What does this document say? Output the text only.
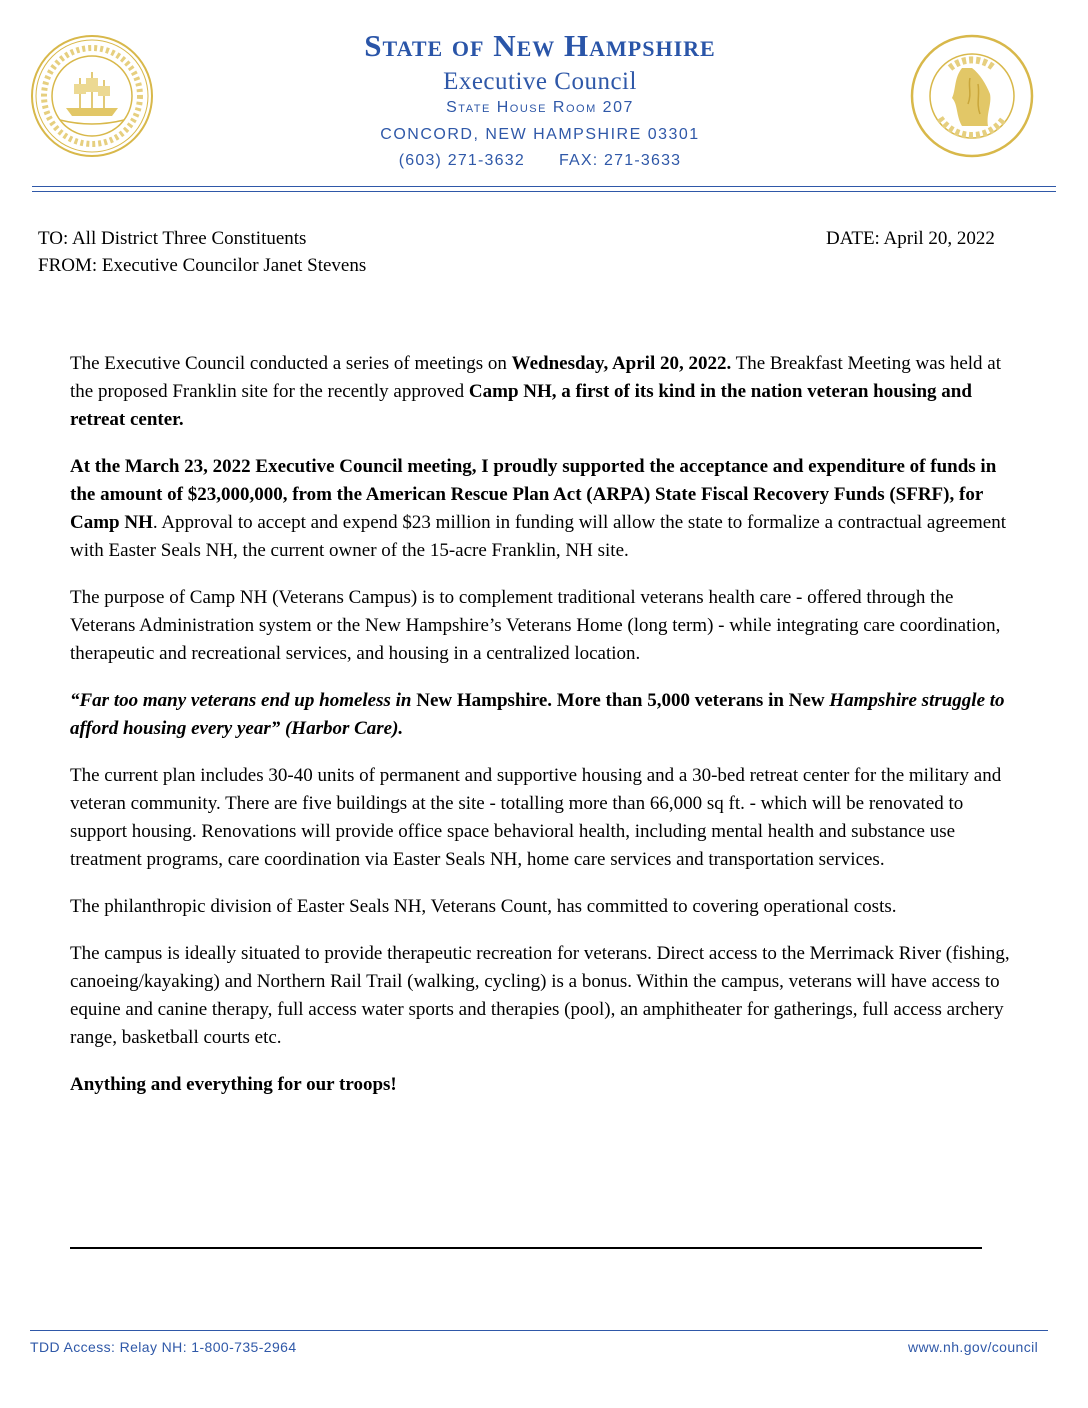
State of New Hampshire
Executive Council
State House Room 207
CONCORD, NEW HAMPSHIRE 03301
(603) 271-3632 FAX: 271-3633
TO: All District Three Constituents
FROM: Executive Councilor Janet Stevens
DATE: April 20, 2022

The Executive Council conducted a series of meetings on Wednesday, April 20, 2022. The Breakfast Meeting was held at the proposed Franklin site for the recently approved Camp NH, a first of its kind in the nation veteran housing and retreat center.

At the March 23, 2022 Executive Council meeting, I proudly supported the acceptance and expenditure of funds in the amount of $23,000,000, from the American Rescue Plan Act (ARPA) State Fiscal Recovery Funds (SFRF), for Camp NH. Approval to accept and expend $23 million in funding will allow the state to formalize a contractual agreement with Easter Seals NH, the current owner of the 15-acre Franklin, NH site.

The purpose of Camp NH (Veterans Campus) is to complement traditional veterans health care - offered through the Veterans Administration system or the New Hampshire’s Veterans Home (long term) - while integrating care coordination, therapeutic and recreational services, and housing in a centralized location.

“Far too many veterans end up homeless in New Hampshire. More than 5,000 veterans in New Hampshire struggle to afford housing every year” (Harbor Care).

The current plan includes 30-40 units of permanent and supportive housing and a 30-bed retreat center for the military and veteran community. There are five buildings at the site - totalling more than 66,000 sq ft. - which will be renovated to support housing. Renovations will provide office space behavioral health, including mental health and substance use treatment programs, care coordination via Easter Seals NH, home care services and transportation services.

The philanthropic division of Easter Seals NH, Veterans Count, has committed to covering operational costs.

The campus is ideally situated to provide therapeutic recreation for veterans. Direct access to the Merrimack River (fishing, canoeing/kayaking) and Northern Rail Trail (walking, cycling) is a bonus. Within the campus, veterans will have access to equine and canine therapy, full access water sports and therapies (pool), an amphitheater for gatherings, full access archery range, basketball courts etc.

Anything and everything for our troops!

TDD Access: Relay NH: 1-800-735-2964	www.nh.gov/council
